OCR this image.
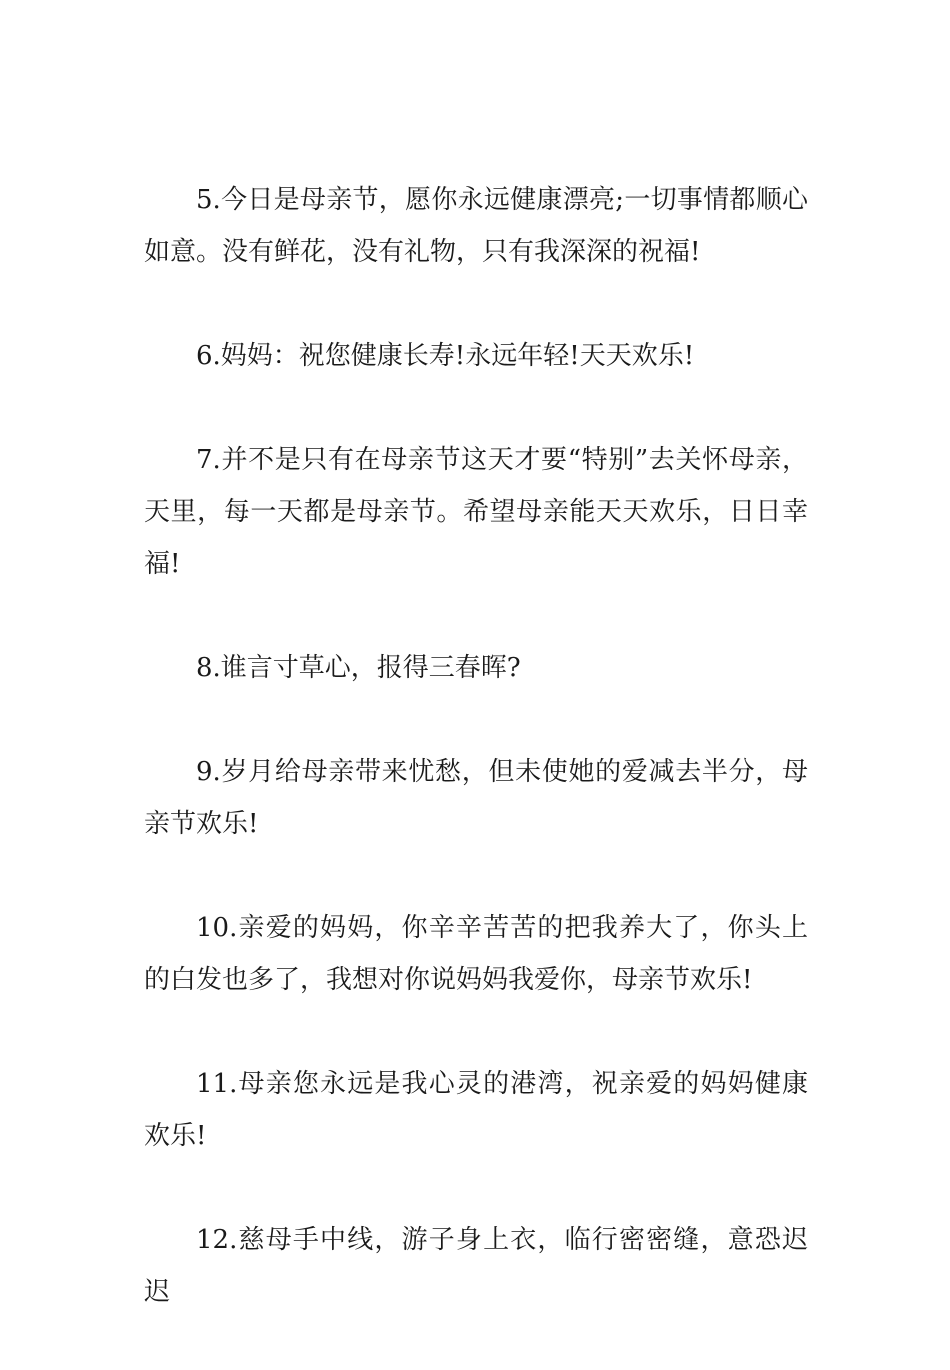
5.今日是母亲节，愿你永远健康漂亮;一切事情都顺心如意。没有鲜花，没有礼物，只有我深深的祝福!

6.妈妈：祝您健康长寿!永远年轻!天天欢乐!

7.并不是只有在母亲节这天才要“特别”去关怀母亲，天里，每一天都是母亲节。希望母亲能天天欢乐，日日幸福!

8.谁言寸草心，报得三春晖?

9.岁月给母亲带来忧愁，但未使她的爱减去半分，母亲节欢乐!

10.亲爱的妈妈，你辛辛苦苦的把我养大了，你头上的白发也多了，我想对你说妈妈我爱你，母亲节欢乐!

11.母亲您永远是我心灵的港湾，祝亲爱的妈妈健康欢乐!

12.慈母手中线，游子身上衣，临行密密缝，意恐迟迟
